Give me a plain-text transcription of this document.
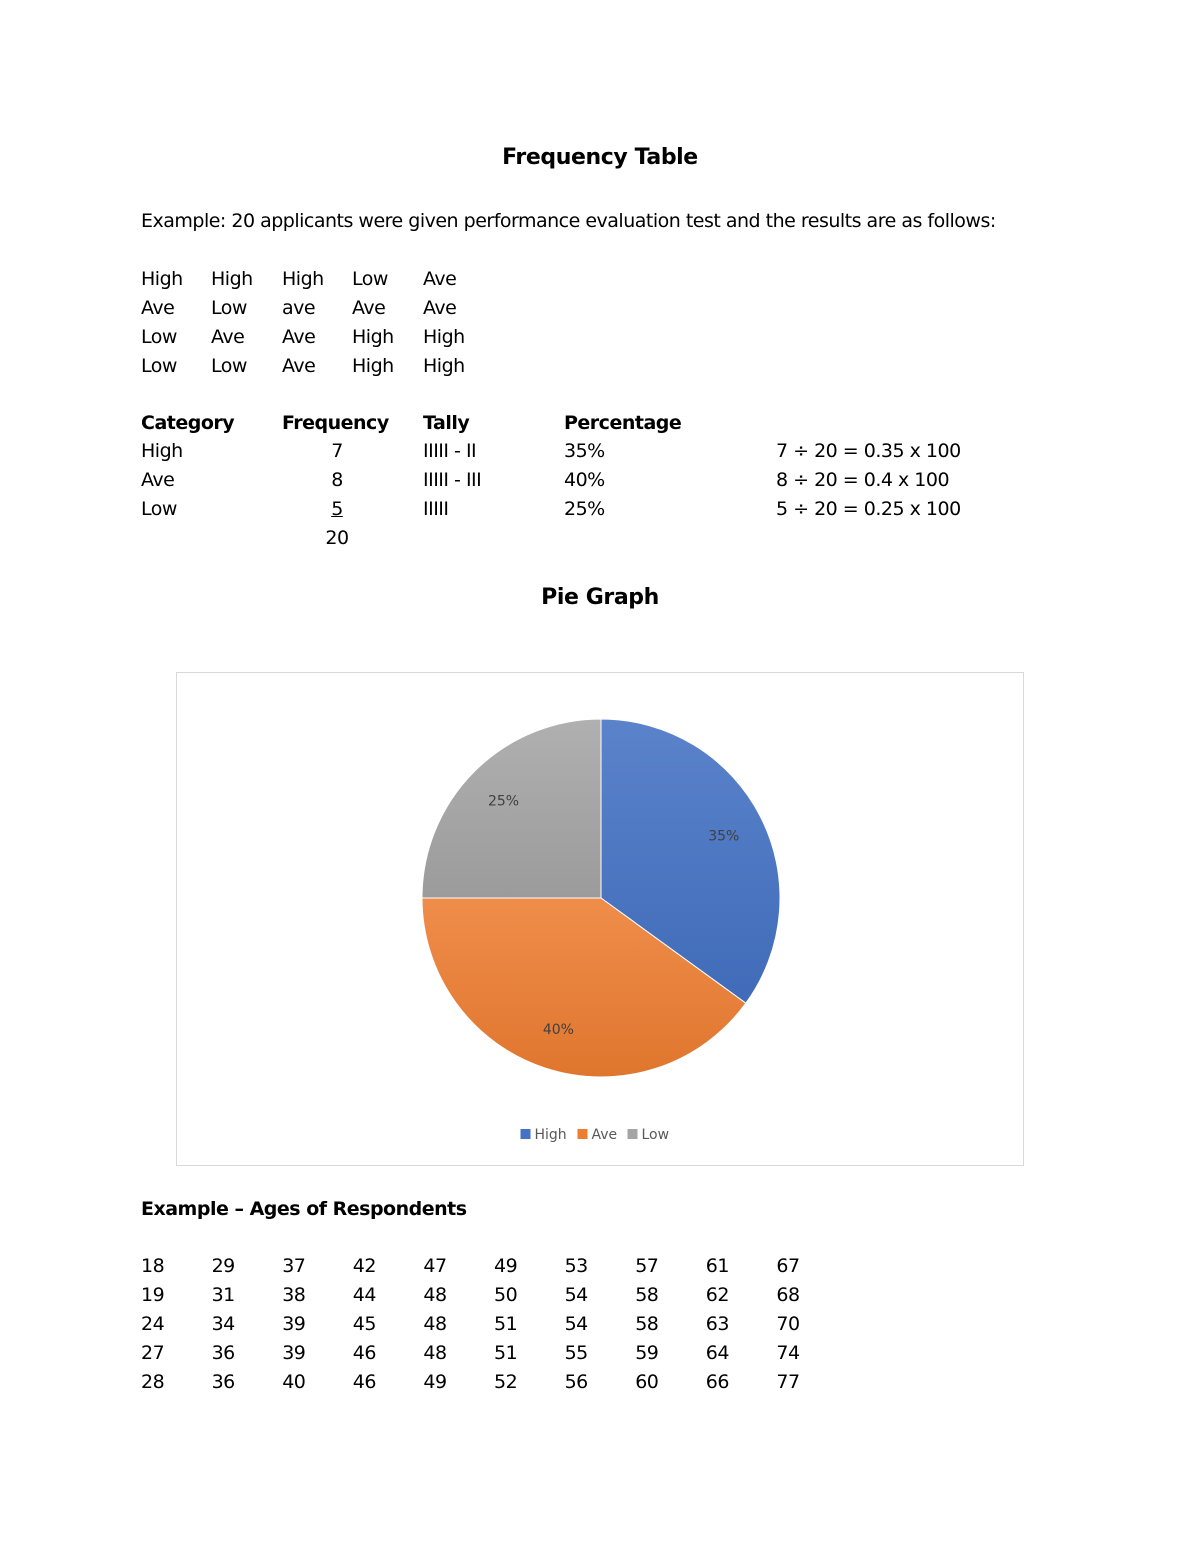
Frequency Table
Example: 20 applicants were given performance evaluation test and the results are as follows:
High High High Low Ave
Ave Low ave Ave Ave
Low Ave Ave High High
Low Low Ave High High
Category	Frequency Tally	Percentage
High	7	IIIII - II	35%	7 ÷ 20 = 0.35 x 100
Ave	8	IIIII - III	40%	8 ÷ 20 = 0.4 x 100
Low	5	IIIII	25%	5 ÷ 20 = 0.25 x 100
20
Pie Graph
35%
40%
25%
High Ave Low
Example – Ages of Respondents
18 29 37 42 47 49 53 57 61 67
19 31 38 44 48 50 54 58 62 68
24 34 39 45 48 51 54 58 63 70
27 36 39 46 48 51 55 59 64 74
28 36 40 46 49 52 56 60 66 77
